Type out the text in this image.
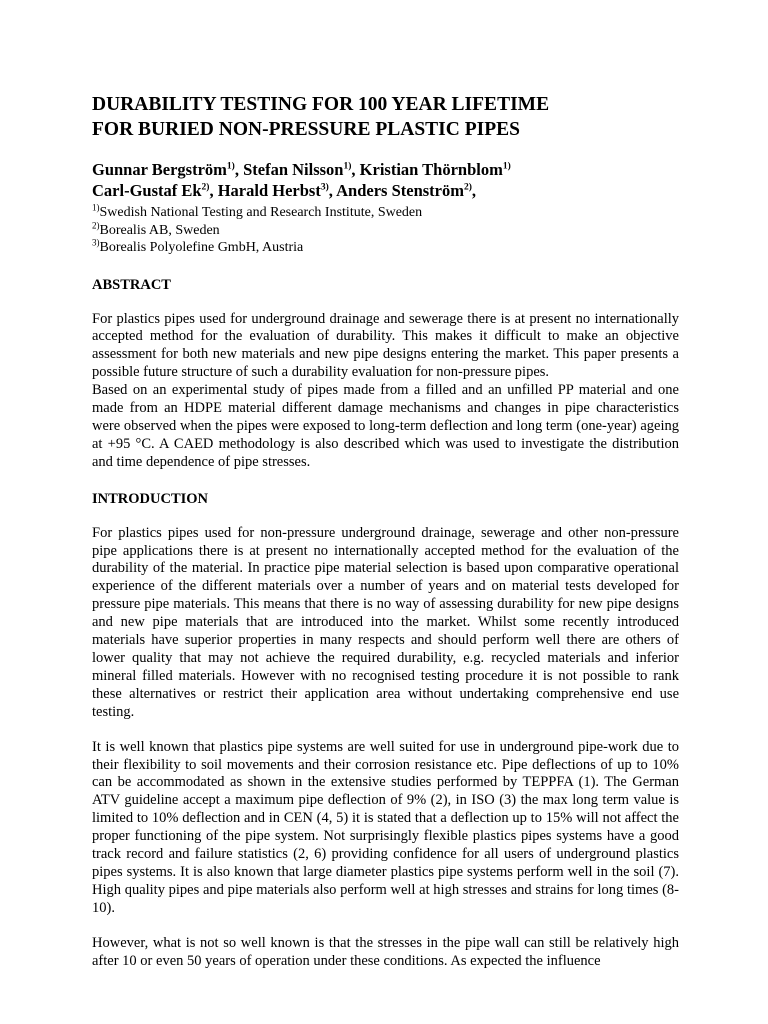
DURABILITY TESTING FOR 100 YEAR LIFETIME
FOR BURIED NON-PRESSURE PLASTIC PIPES
Gunnar Bergström$^{1)}$, Stefan Nilsson$^{1)}$, Kristian Thörnblom$^{1)}$
Carl-Gustaf Ek$^{2)}$, Harald Herbst$^{3)}$, Anders Stenström$^{2)}$,
$^{1)}$Swedish National Testing and Research Institute, Sweden
$^{2)}$Borealis AB, Sweden
$^{3)}$Borealis Polyolefine GmbH, Austria
ABSTRACT

For plastics pipes used for underground drainage and sewerage there is at present no internationally accepted method for the evaluation of durability. This makes it difficult to make an objective assessment for both new materials and new pipe designs entering the market. This paper presents a possible future structure of such a durability evaluation for non-pressure pipes.

Based on an experimental study of pipes made from a filled and an unfilled PP material and one made from an HDPE material different damage mechanisms and changes in pipe characteristics were observed when the pipes were exposed to long-term deflection and long term (one-year) ageing at +95 °C. A CAED methodology is also described which was used to investigate the distribution and time dependence of pipe stresses.

INTRODUCTION

For plastics pipes used for non-pressure underground drainage, sewerage and other non-pressure pipe applications there is at present no internationally accepted method for the evaluation of the durability of the material. In practice pipe material selection is based upon comparative operational experience of the different materials over a number of years and on material tests developed for pressure pipe materials. This means that there is no way of assessing durability for new pipe designs and new pipe materials that are introduced into the market. Whilst some recently introduced materials have superior properties in many respects and should perform well there are others of lower quality that may not achieve the required durability, e.g. recycled materials and inferior mineral filled materials. However with no recognised testing procedure it is not possible to rank these alternatives or restrict their application area without undertaking comprehensive end use testing.

It is well known that plastics pipe systems are well suited for use in underground pipe-work due to their flexibility to soil movements and their corrosion resistance etc. Pipe deflections of up to 10% can be accommodated as shown in the extensive studies performed by TEPPFA (1). The German ATV guideline accept a maximum pipe deflection of 9% (2), in ISO (3) the max long term value is limited to 10% deflection and in CEN (4, 5) it is stated that a deflection up to 15% will not affect the proper functioning of the pipe system. Not surprisingly flexible plastics pipes systems have a good track record and failure statistics (2, 6) providing confidence for all users of underground plastics pipes systems. It is also known that large diameter plastics pipe systems perform well in the soil (7). High quality pipes and pipe materials also perform well at high stresses and strains for long times (8-10).

However, what is not so well known is that the stresses in the pipe wall can still be relatively high after 10 or even 50 years of operation under these conditions. As expected the influence
